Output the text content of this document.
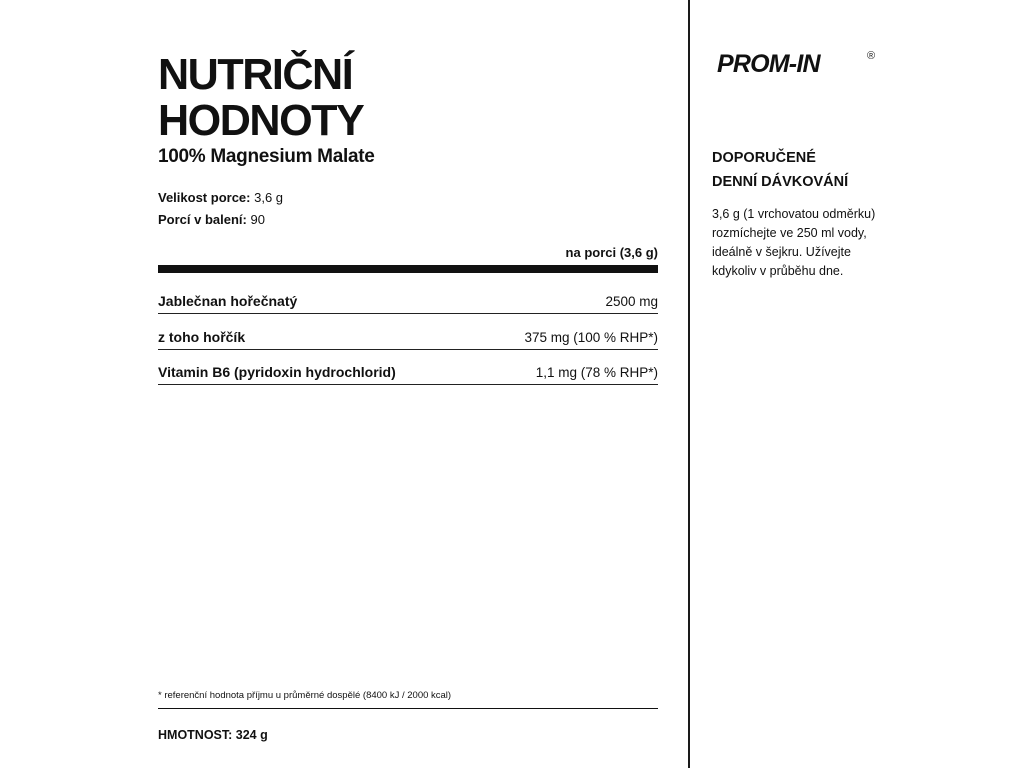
NUTRIČNÍ
HODNOTY
100% Magnesium Malate
Velikost porce: 3,6 g
Porcí v balení: 90
na porci (3,6 g)
Jablečnan hořečnatý	2500 mg
z toho hořčík	375 mg (100 % RHP*)
Vitamin B6 (pyridoxin hydrochlorid)	1,1 mg (78 % RHP*)
* referenční hodnota příjmu u průměrné dospělé (8400 kJ / 2000 kcal)
HMOTNOST: 324 g
PROM-IN	®
DOPORUČENÉ
DENNÍ DÁVKOVÁNÍ
3,6 g (1 vrchovatou odměrku) rozmíchejte ve 250 ml vody, ideálně v šejkru. Užívejte kdykoliv v průběhu dne.
